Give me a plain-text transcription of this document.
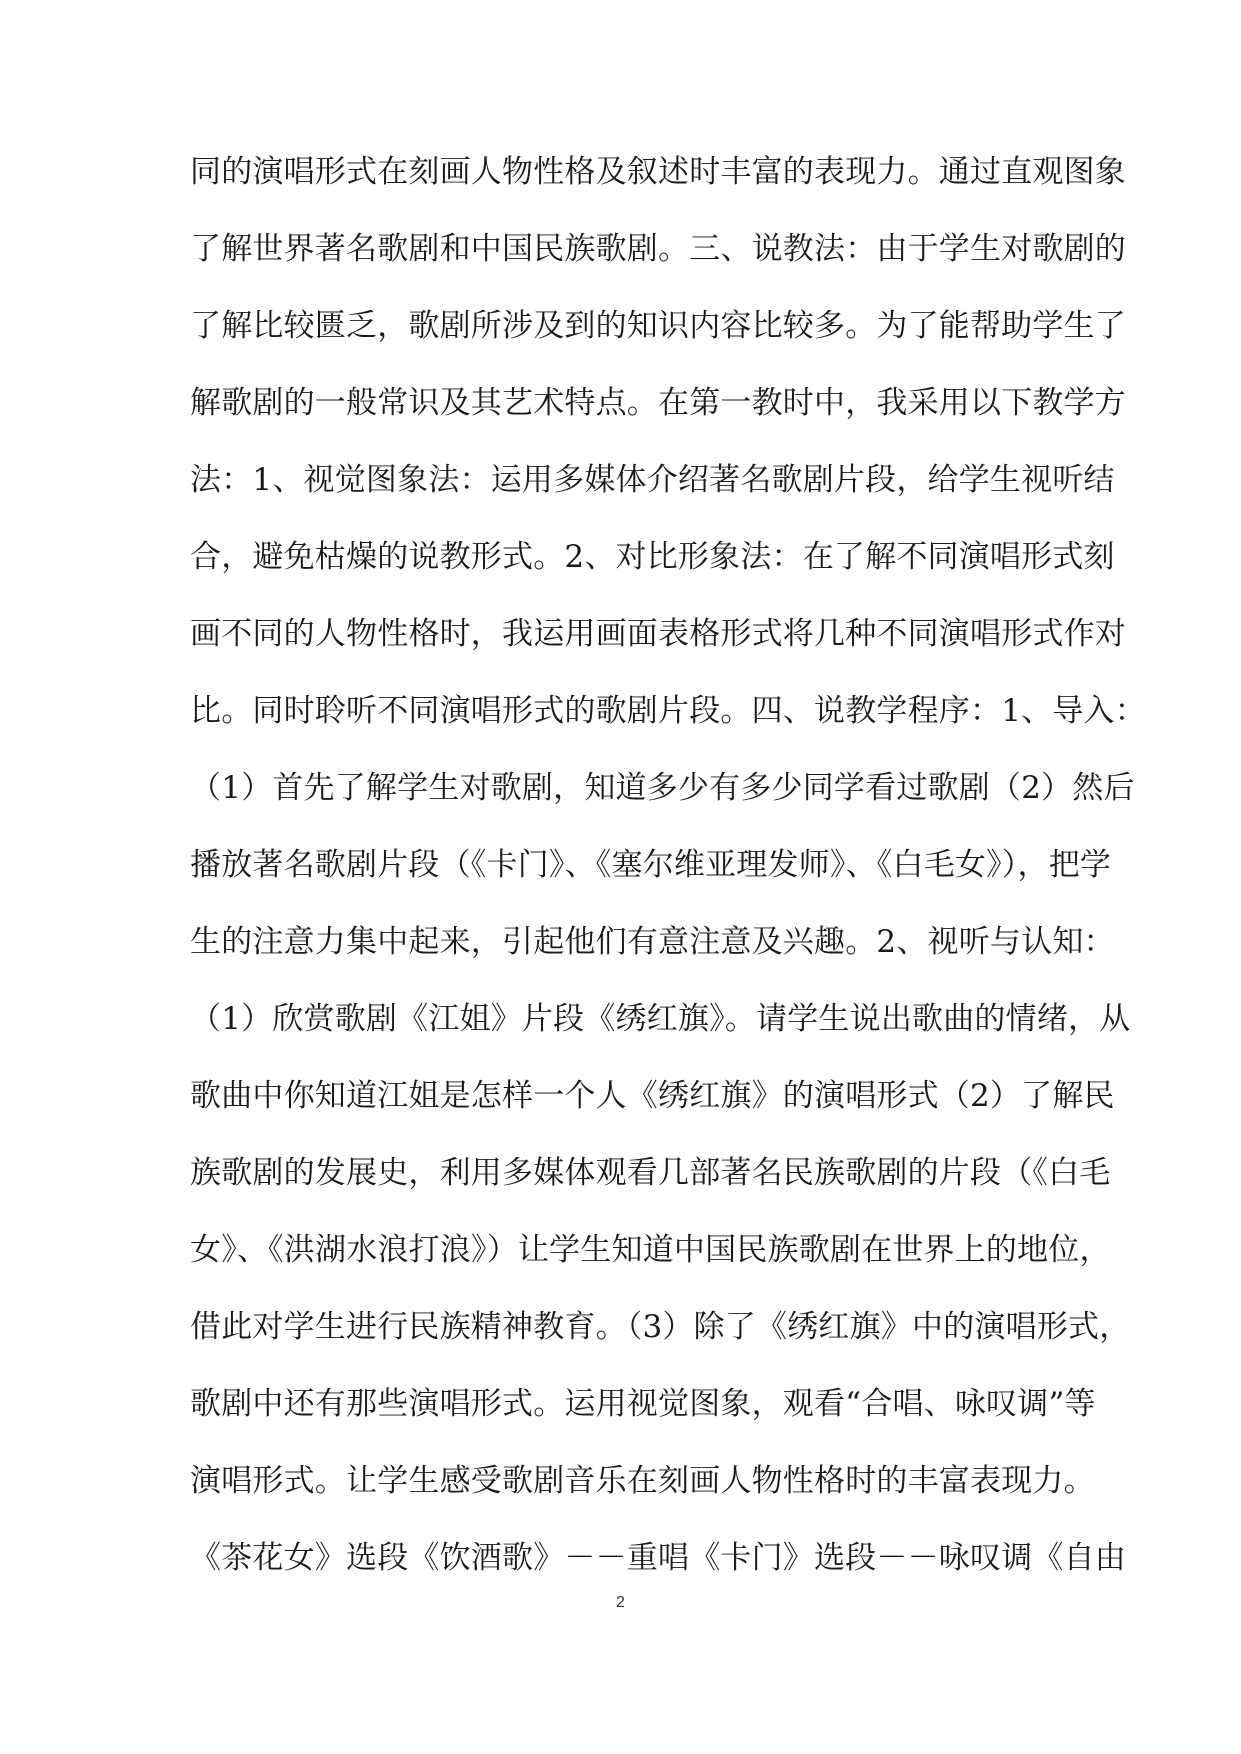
同的演唱形式在刻画人物性格及叙述时丰富的表现力。通过直观图象
了解世界著名歌剧和中国民族歌剧。三、说教法：由于学生对歌剧的
了解比较匮乏，歌剧所涉及到的知识内容比较多。为了能帮助学生了
解歌剧的一般常识及其艺术特点。在第一教时中，我采用以下教学方
法：1、视觉图象法：运用多媒体介绍著名歌剧片段，给学生视听结
合，避免枯燥的说教形式。2、对比形象法：在了解不同演唱形式刻
画不同的人物性格时，我运用画面表格形式将几种不同演唱形式作对
比。同时聆听不同演唱形式的歌剧片段。四、说教学程序：1、导入：
（1）首先了解学生对歌剧，知道多少有多少同学看过歌剧（2）然后
播放著名歌剧片段（《卡门》、《塞尔维亚理发师》、《白毛女》），把学
生的注意力集中起来，引起他们有意注意及兴趣。2、视听与认知：
（1）欣赏歌剧《江姐》片段《绣红旗》。请学生说出歌曲的情绪，从
歌曲中你知道江姐是怎样一个人《绣红旗》的演唱形式（2）了解民
族歌剧的发展史，利用多媒体观看几部著名民族歌剧的片段（《白毛
女》、《洪湖水浪打浪》）让学生知道中国民族歌剧在世界上的地位，
借此对学生进行民族精神教育。（3）除了《绣红旗》中的演唱形式，
歌剧中还有那些演唱形式。运用视觉图象，观看“合唱、咏叹调”等
演唱形式。让学生感受歌剧音乐在刻画人物性格时的丰富表现力。
《茶花女》选段《饮酒歌》－－重唱《卡门》选段－－咏叹调《自由
2
